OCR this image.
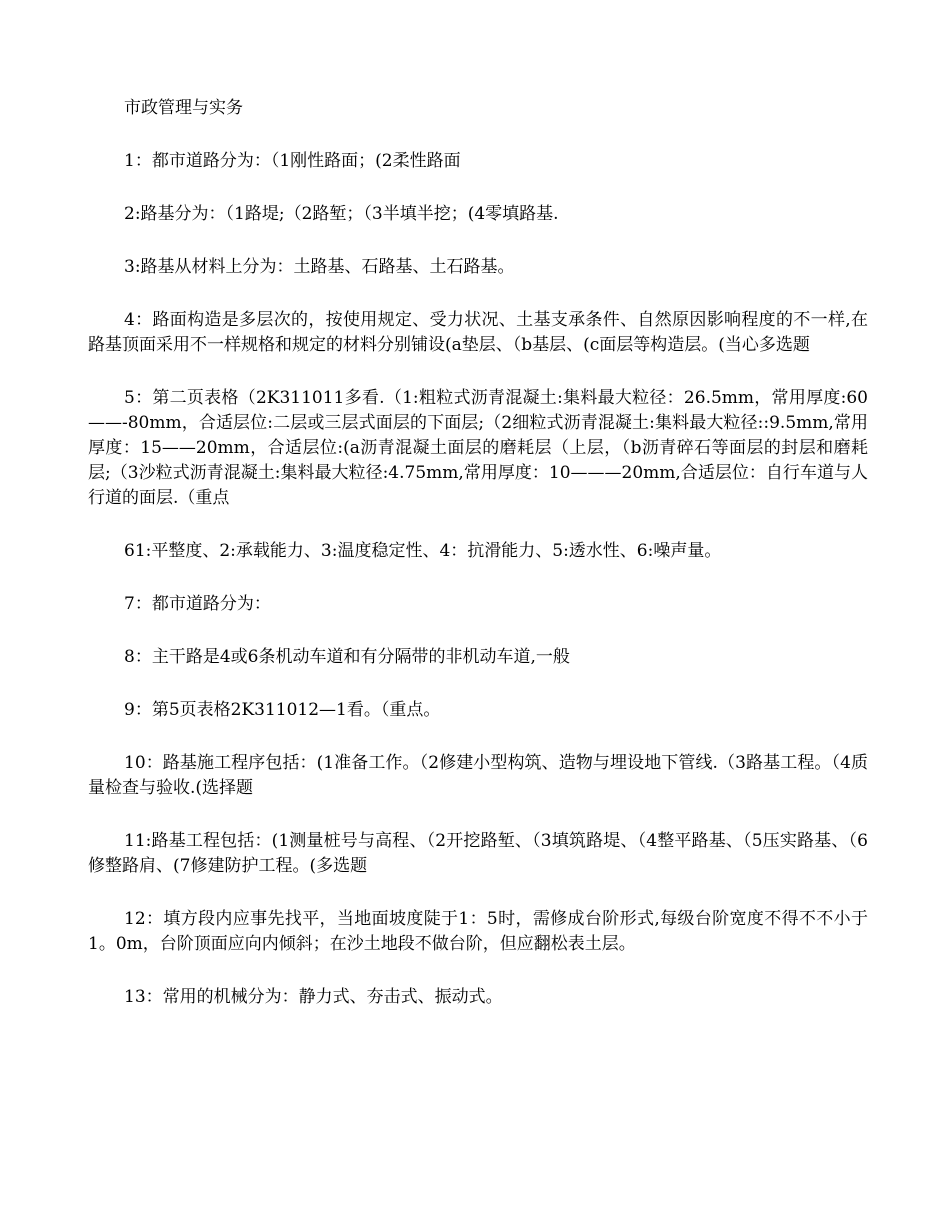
市政管理与实务

1：都市道路分为：（1刚性路面；(2柔性路面

2:路基分为：（1路堤;（2路堑；（3半填半挖；(4零填路基.

3:路基从材料上分为：土路基、石路基、土石路基。

4：路面构造是多层次的，按使用规定、受力状况、土基支承条件、自然原因影响程度的不一样,在路基顶面采用不一样规格和规定的材料分别铺设(a垫层、（b基层、(c面层等构造层。(当心多选题

5：第二页表格（2K311011多看.（1:粗粒式沥青混凝土:集料最大粒径：26.5mm，常用厚度:60——-80mm，合适层位:二层或三层式面层的下面层;（2细粒式沥青混凝土:集料最大粒径::9.5mm,常用厚度：15——20mm，合适层位:(a沥青混凝土面层的磨耗层（上层，（b沥青碎石等面层的封层和磨耗层;（3沙粒式沥青混凝土:集料最大粒径:4.75mm,常用厚度：10———20mm,合适层位：自行车道与人行道的面层.（重点

61:平整度、2:承载能力、3:温度稳定性、4：抗滑能力、5:透水性、6:噪声量。

7：都市道路分为：

8：主干路是4或6条机动车道和有分隔带的非机动车道,一般

9：第5页表格2K311012—1看。（重点。

10：路基施工程序包括：(1准备工作。（2修建小型构筑、造物与埋设地下管线.（3路基工程。（4质量检查与验收.(选择题

11:路基工程包括：(1测量桩号与高程、（2开挖路堑、（3填筑路堤、（4整平路基、（5压实路基、（6修整路肩、(7修建防护工程。(多选题

12：填方段内应事先找平，当地面坡度陡于1：5时，需修成台阶形式,每级台阶宽度不得不不小于1。0m，台阶顶面应向内倾斜；在沙土地段不做台阶，但应翻松表土层。

13：常用的机械分为：静力式、夯击式、振动式。
